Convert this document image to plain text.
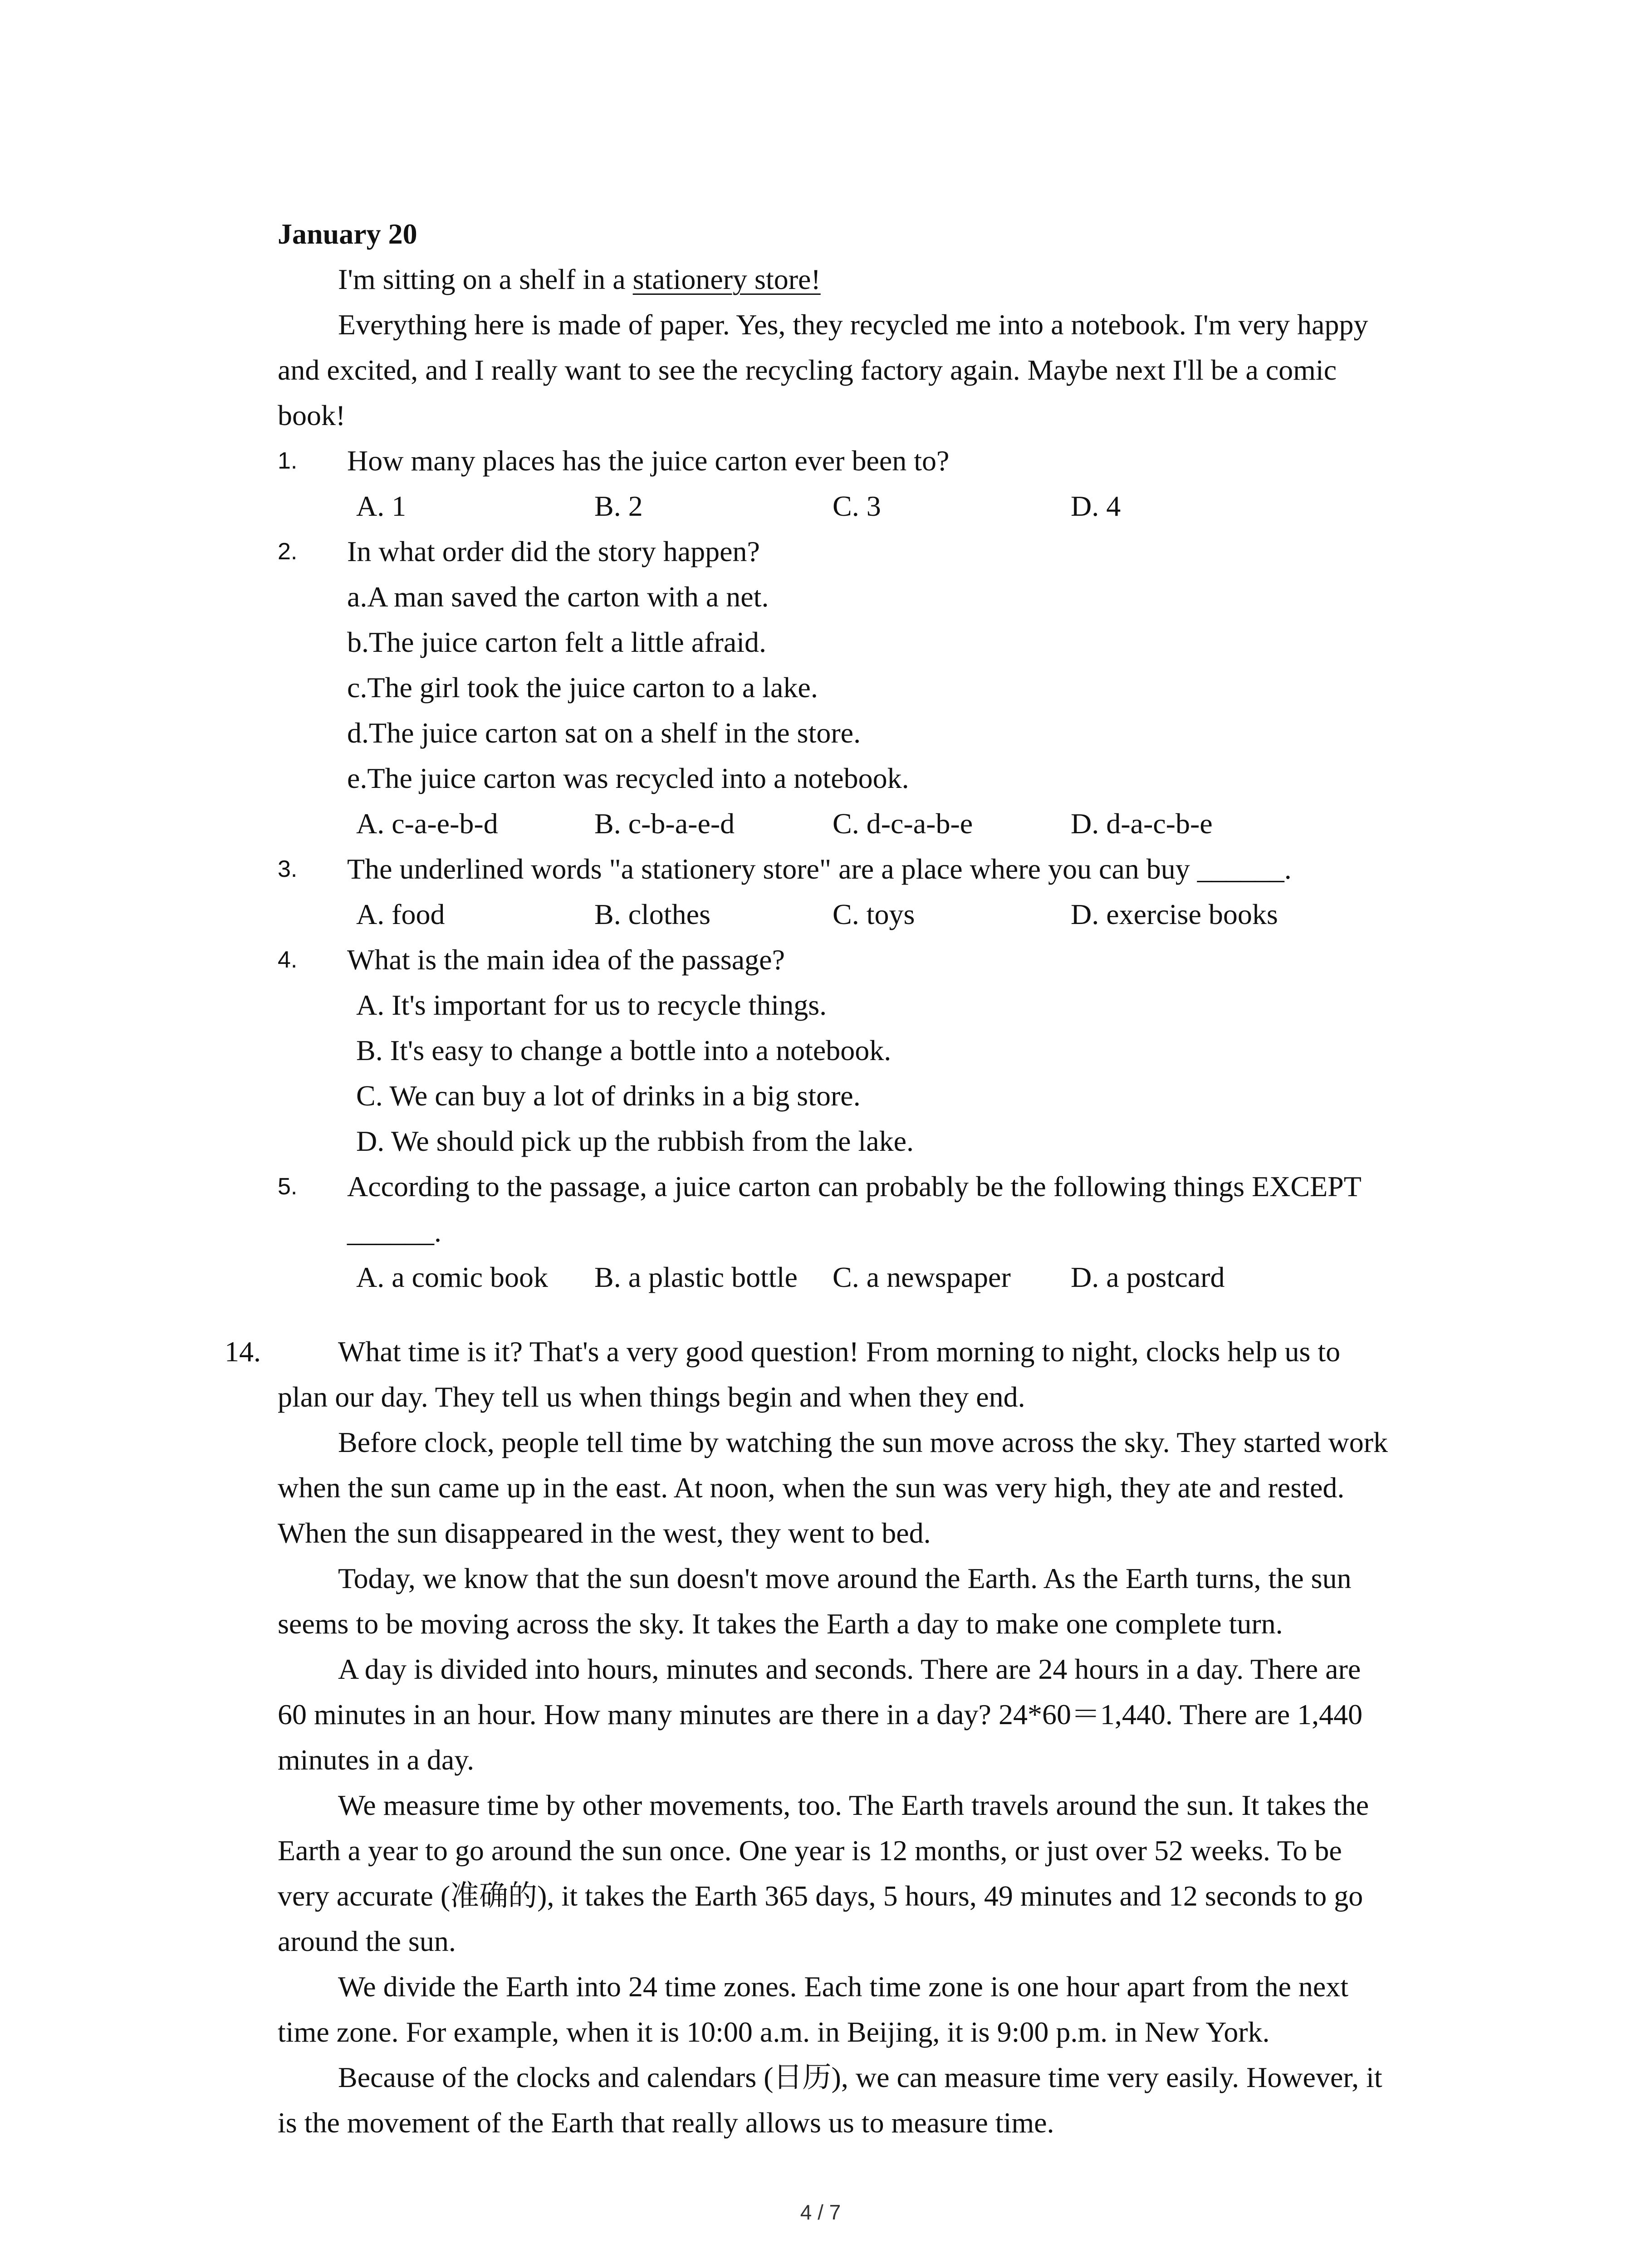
January 20
I'm sitting on a shelf in a stationery store!
Everything here is made of paper. Yes, they recycled me into a notebook. I'm very happy
and excited, and I really want to see the recycling factory again. Maybe next I'll be a comic
book!
1. How many places has the juice carton ever been to?
A. 1	B. 2	C. 3	D. 4
2. In what order did the story happen?
a.A man saved the carton with a net.
b.The juice carton felt a little afraid.
c.The girl took the juice carton to a lake.
d.The juice carton sat on a shelf in the store.
e.The juice carton was recycled into a notebook.
A. c-a-e-b-d	B. c-b-a-e-d	C. d-c-a-b-e	D. d-a-c-b-e
3. The underlined words "a stationery store" are a place where you can buy ______.
A. food	B. clothes	C. toys	D. exercise books
4. What is the main idea of the passage?
A. It's important for us to recycle things.
B. It's easy to change a bottle into a notebook.
C. We can buy a lot of drinks in a big store.
D. We should pick up the rubbish from the lake.
5. According to the passage, a juice carton can probably be the following things EXCEPT
______.
A. a comic book B. a plastic bottle C. a newspaper D. a postcard
14.	What time is it? That's a very good question! From morning to night, clocks help us to
plan our day. They tell us when things begin and when they end.
Before clock, people tell time by watching the sun move across the sky. They started work
when the sun came up in the east. At noon, when the sun was very high, they ate and rested.
When the sun disappeared in the west, they went to bed.
Today, we know that the sun doesn't move around the Earth. As the Earth turns, the sun
seems to be moving across the sky. It takes the Earth a day to make one complete turn.
A day is divided into hours, minutes and seconds. There are 24 hours in a day. There are
60 minutes in an hour. How many minutes are there in a day? 24*60＝1,440. There are 1,440
minutes in a day.
We measure time by other movements, too. The Earth travels around the sun. It takes the
Earth a year to go around the sun once. One year is 12 months, or just over 52 weeks. To be
very accurate (准确的), it takes the Earth 365 days, 5 hours, 49 minutes and 12 seconds to go
around the sun.
We divide the Earth into 24 time zones. Each time zone is one hour apart from the next
time zone. For example, when it is 10:00 a.m. in Beijing, it is 9:00 p.m. in New York.
Because of the clocks and calendars (日历), we can measure time very easily. However, it
is the movement of the Earth that really allows us to measure time.
4 / 7
